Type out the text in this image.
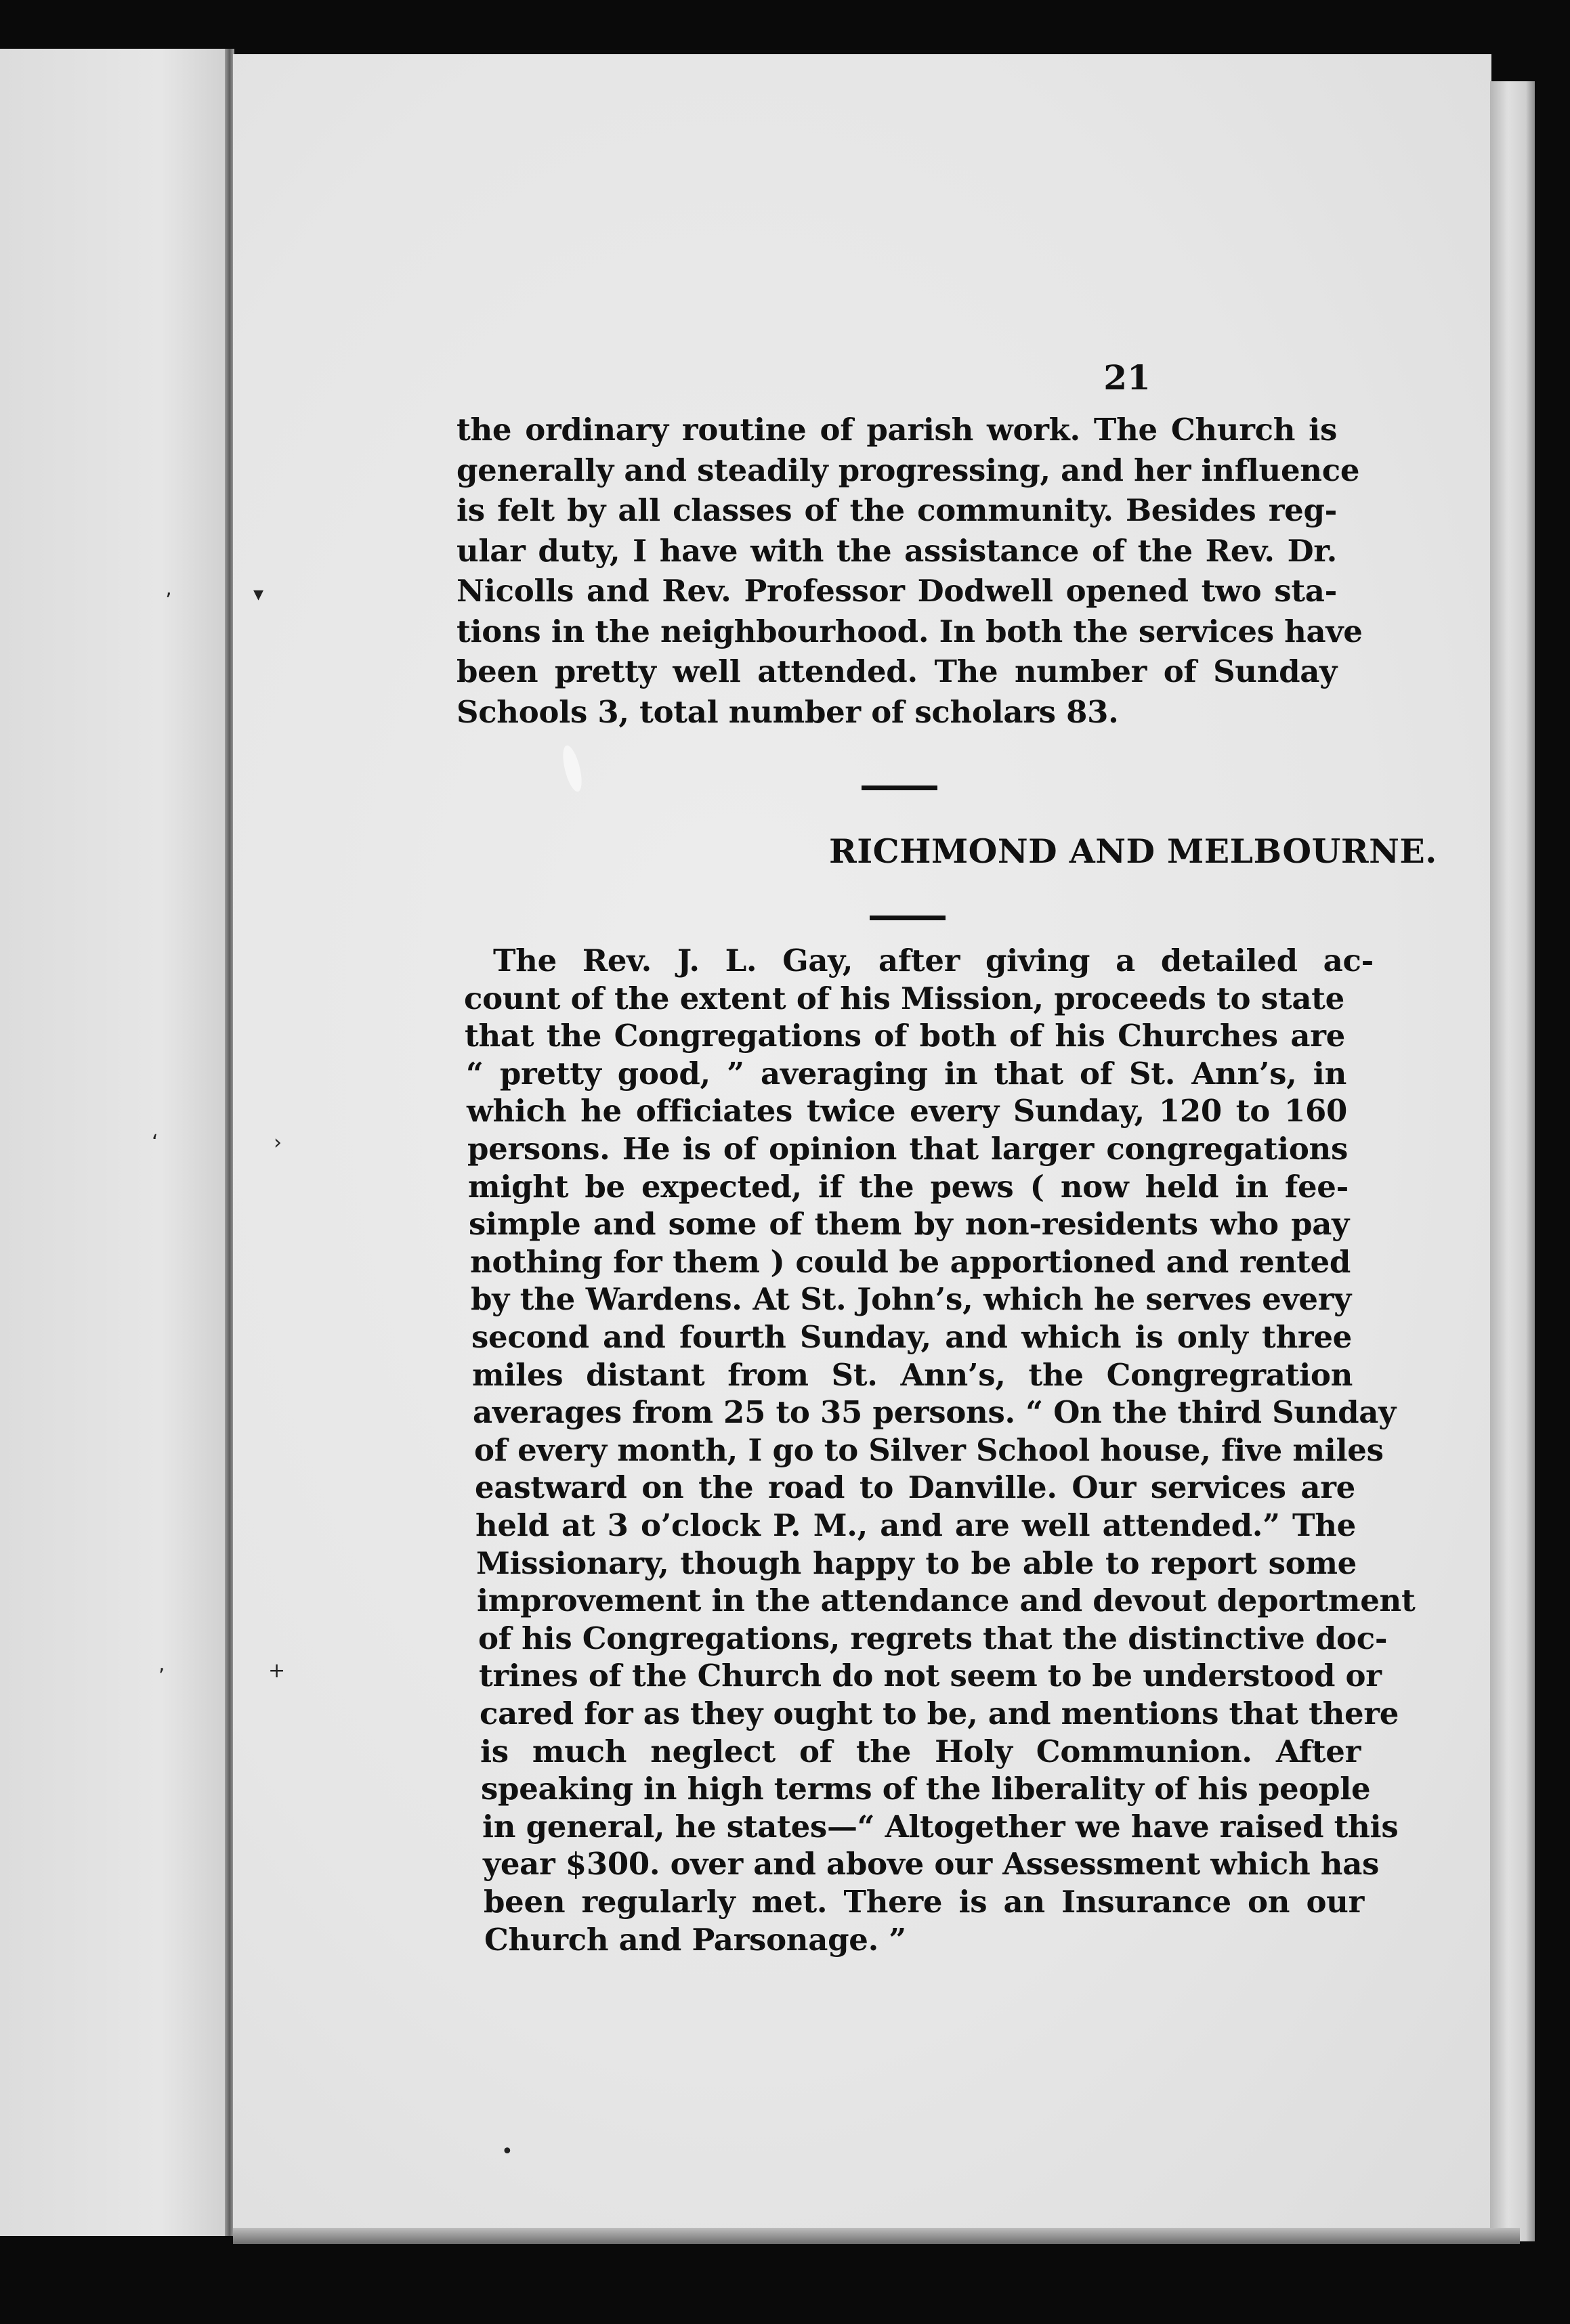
21
the ordinary routine of parish work. The Church is
generally and steadily progressing, and her influence
is felt by all classes of the community. Besides reg-
ular duty, I have with the assistance of the Rev. Dr.
Nicolls and Rev. Professor Dodwell opened two sta-
tions in the neighbourhood. In both the services have
been pretty well attended. The number of Sunday
Schools 3, total number of scholars 83.
The Rev. J. L. Gay, after giving a detailed ac-
count of the extent of his Mission, proceeds to state
that the Congregations of both of his Churches are
“ pretty good, ” averaging in that of St. Ann’s, in
which he officiates twice every Sunday, 120 to 160
persons. He is of opinion that larger congregations
might be expected, if the pews ( now held in fee-
simple and some of them by non-residents who pay
nothing for them ) could be apportioned and rented
by the Wardens. At St. John’s, which he serves every
second and fourth Sunday, and which is only three
miles distant from St. Ann’s, the Congregration
averages from 25 to 35 persons. “ On the third Sunday
of every month, I go to Silver School house, five miles
eastward on the road to Danville. Our services are
held at 3 o’clock P. M., and are well attended.” The
Missionary, though happy to be able to report some
improvement in the attendance and devout deportment
of his Congregations, regrets that the distinctive doc-
trines of the Church do not seem to be understood or
cared for as they ought to be, and mentions that there
is much neglect of the Holy Communion. After
speaking in high terms of the liberality of his people
in general, he states—“ Altogether we have raised this
year $300. over and above our Assessment which has
been regularly met. There is an Insurance on our
Church and Parsonage. ”
RICHMOND AND MELBOURNE.
’	▾
‘	›
,	+
•
